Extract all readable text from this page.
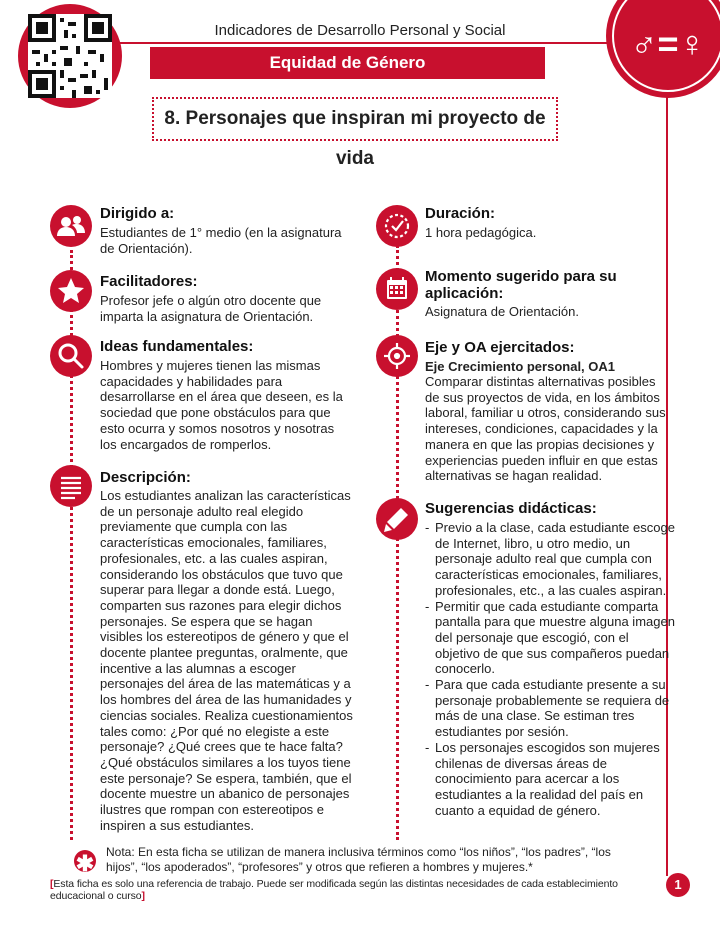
Indicadores de Desarrollo Personal y Social
Equidad de Género	♂=♀
8. Personajes que inspiran mi proyecto de vida
Dirigido a:
Estudiantes de 1° medio (en la asignatura de Orientación).
Facilitadores:
Profesor jefe o algún otro docente que imparta la asignatura de Orientación.
Ideas fundamentales:
Hombres y mujeres tienen las mismas capacidades y habilidades para desarrollarse en el área que deseen, es la sociedad que pone obstáculos para que esto ocurra y somos nosotros y nosotras los encargados de romperlos.
Descripción:
Los estudiantes analizan las características de un personaje adulto real elegido previamente que cumpla con las características emocionales, familiares, profesionales, etc. a las cuales aspiran, considerando los obstáculos que tuvo que superar para llegar a donde está. Luego, comparten sus razones para elegir dichos personajes. Se espera que se hagan visibles los estereotipos de género y que el docente plantee preguntas, oralmente, que incentive a las alumnas a escoger personajes del área de las matemáticas y a los hombres del área de las humanidades y ciencias sociales. Realiza cuestionamientos tales como: ¿Por qué no elegiste a este personaje? ¿Qué crees que te hace falta? ¿Qué obstáculos similares a los tuyos tiene este personaje? Se espera, también, que el docente muestre un abanico de personajes ilustres que rompan con estereotipos e inspiren a sus estudiantes.
Duración:
1 hora pedagógica.
Momento sugerido para su aplicación:
Asignatura de Orientación.
Eje y OA ejercitados:
Eje Crecimiento personal, OA1
Comparar distintas alternativas posibles de sus proyectos de vida, en los ámbitos laboral, familiar u otros, considerando sus intereses, condiciones, capacidades y la manera en que las propias decisiones y experiencias pueden influir en que estas alternativas se hagan realidad.
Sugerencias didácticas:
- Previo a la clase, cada estudiante escoge de Internet, libro, u otro medio, un personaje adulto real que cumpla con características emocionales, familiares, profesionales, etc., a las cuales aspiran.
- Permitir que cada estudiante comparta pantalla para que muestre alguna imagen del personaje que escogió, con el objetivo de que sus compañeros puedan conocerlo.
- Para que cada estudiante presente a su personaje probablemente se requiera de más de una clase. Se estiman tres estudiantes por sesión.
- Los personajes escogidos son mujeres chilenas de diversas áreas de conocimiento para acercar a los estudiantes a la realidad del país en cuanto a equidad de género.
✱ Nota: En esta ficha se utilizan de manera inclusiva términos como “los niños”, “los padres”, “los hijos”, “los apoderados”, “profesores” y otros que refieren a hombres y mujeres.*
[Esta ficha es solo una referencia de trabajo. Puede ser modificada según las distintas necesidades de cada establecimiento educacional o curso]
1
